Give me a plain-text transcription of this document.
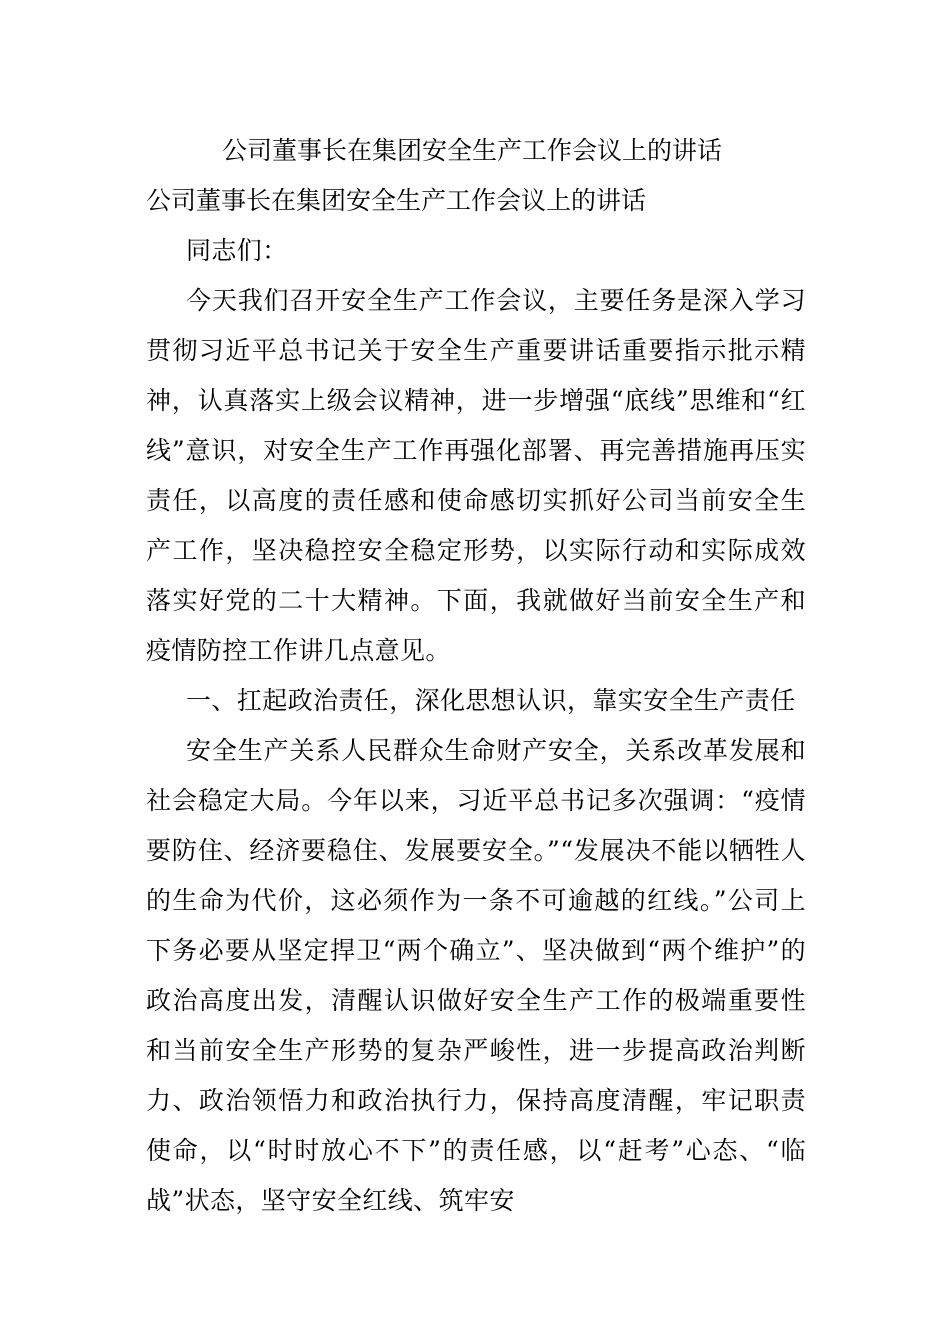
公司董事长在集团安全生产工作会议上的讲话
公司董事长在集团安全生产工作会议上的讲话

同志们：

今天我们召开安全生产工作会议，主要任务是深入学习贯彻习近平总书记关于安全生产重要讲话重要指示批示精神，认真落实上级会议精神，进一步增强“底线”思维和“红线”意识，对安全生产工作再强化部署、再完善措施再压实责任，以高度的责任感和使命感切实抓好公司当前安全生产工作，坚决稳控安全稳定形势，以实际行动和实际成效落实好党的二十大精神。下面，我就做好当前安全生产和疫情防控工作讲几点意见。

一、扛起政治责任，深化思想认识，靠实安全生产责任

安全生产关系人民群众生命财产安全，关系改革发展和社会稳定大局。今年以来，习近平总书记多次强调：“疫情要防住、经济要稳住、发展要安全。”“发展决不能以牺牲人的生命为代价，这必须作为一条不可逾越的红线。”公司上下务必要从坚定捍卫“两个确立”、坚决做到“两个维护”的政治高度出发，清醒认识做好安全生产工作的极端重要性和当前安全生产形势的复杂严峻性，进一步提高政治判断力、政治领悟力和政治执行力，保持高度清醒，牢记职责使命，以“时时放心不下”的责任感，以“赶考”心态、“临战”状态，坚守安全红线、筑牢安
